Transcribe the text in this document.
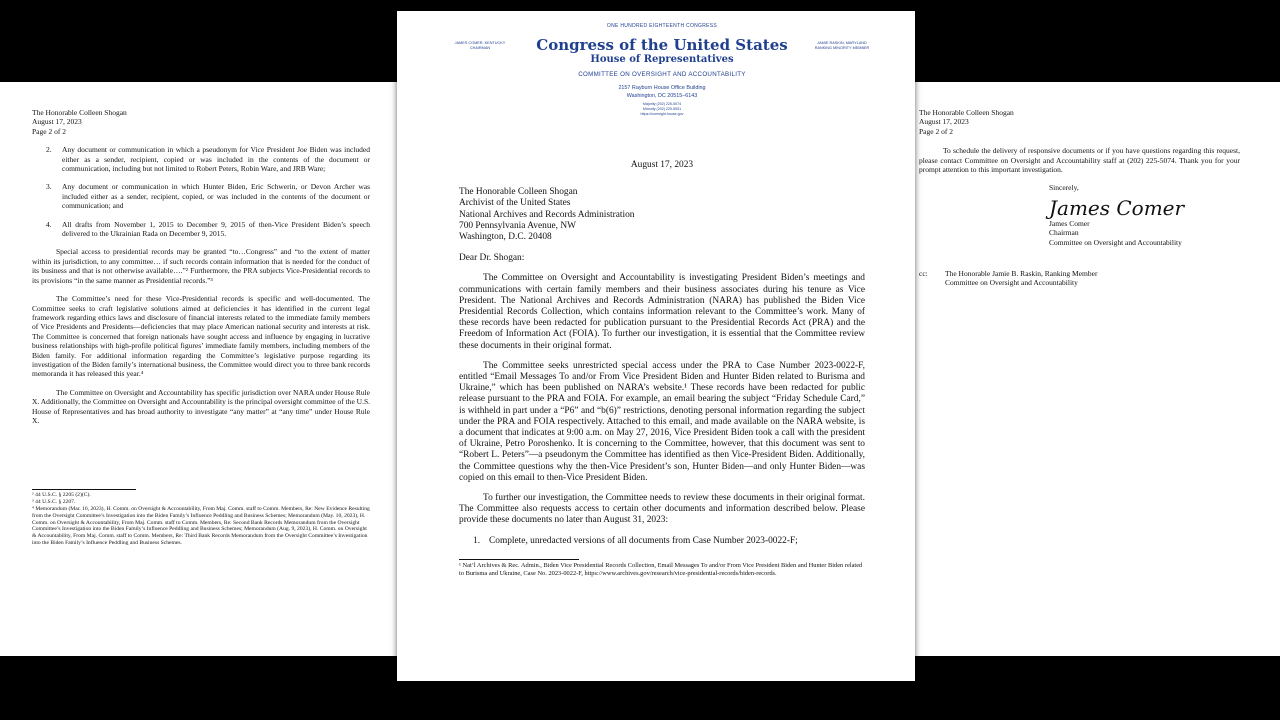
The Honorable Colleen Shogan

August 17, 2023

Page 2 of 2

2.	Any document or communication in which a pseudonym for Vice President Joe Biden was included either as a sender, recipient, copied or was included in the contents of the document or communication, including but not limited to Robert Peters, Robin Ware, and JRB Ware;
3.	Any document or communication in which Hunter Biden, Eric Schwerin, or Devon Archer was included either as a sender, recipient, copied, or was included in the contents of the document or communication; and
4.	All drafts from November 1, 2015 to December 9, 2015 of then-Vice President Biden’s speech delivered to the Ukrainian Rada on December 9, 2015.

Special access to presidential records may be granted “to…Congress” and “to the extent of matter within its jurisdiction, to any committee… if such records contain information that is needed for the conduct of its business and that is not otherwise available….”² Furthermore, the PRA subjects Vice-Presidential records to its provisions “in the same manner as Presidential records.”³

The Committee’s need for these Vice-Presidential records is specific and well-documented. The Committee seeks to craft legislative solutions aimed at deficiencies it has identified in the current legal framework regarding ethics laws and disclosure of financial interests related to the immediate family members of Vice Presidents and Presidents—deficiencies that may place American national security and interests at risk. The Committee is concerned that foreign nationals have sought access and influence by engaging in lucrative business relationships with high-profile political figures’ immediate family members, including members of the Biden family. For additional information regarding the Committee’s legislative purpose regarding its investigation of the Biden family’s international business, the Committee would direct you to three bank records memoranda it has released this year.⁴

The Committee on Oversight and Accountability has specific jurisdiction over NARA under House Rule X. Additionally, the Committee on Oversight and Accountability is the principal oversight committee of the U.S. House of Representatives and has broad authority to investigate “any matter” at “any time” under House Rule X.

² 44 U.S.C. § 2205 (2)(C).

³ 44 U.S.C. § 2207.

⁴ Memorandum (Mar. 16, 2023), H. Comm. on Oversight & Accountability, From Maj. Comm. staff to Comm. Members, Re: New Evidence Resulting from the Oversight Committee’s Investigation into the Biden Family’s Influence Peddling and Business Schemes; Memorandum (May. 10, 2023), H. Comm. on Oversight & Accountability, From Maj. Comm. staff to Comm. Members, Re: Second Bank Records Memorandum from the Oversight Committee’s Investigation into the Biden Family’s Influence Peddling and Business Schemes; Memorandum (Aug. 9, 2023), H. Comm. on Oversight & Accountability, From Maj. Comm. staff to Comm. Members, Re: Third Bank Records Memorandum from the Oversight Committee’s Investigation into the Biden Family’s Influence Peddling and Business Schemes.

JAMES COMER, KENTUCKY
CHAIRMAN
JAMIE RASKIN, MARYLAND
RANKING MINORITY MEMBER
ONE HUNDRED EIGHTEENTH CONGRESS
Congress of the United States
House of Representatives
COMMITTEE ON OVERSIGHT AND ACCOUNTABILITY
2157 Rayburn House Office Building
Washington, DC 20515–6143
Majority (202) 225-5074
Minority (202) 225-5051
https://oversight.house.gov

August 17, 2023

The Honorable Colleen Shogan

Archivist of the United States

National Archives and Records Administration

700 Pennsylvania Avenue, NW

Washington, D.C. 20408

Dear Dr. Shogan:

The Committee on Oversight and Accountability is investigating President Biden’s meetings and communications with certain family members and their business associates during his tenure as Vice President. The National Archives and Records Administration (NARA) has published the Biden Vice Presidential Records Collection, which contains information relevant to the Committee’s work. Many of these records have been redacted for publication pursuant to the Presidential Records Act (PRA) and the Freedom of Information Act (FOIA). To further our investigation, it is essential that the Committee review these documents in their original format.

The Committee seeks unrestricted special access under the PRA to Case Number 2023-0022-F, entitled “Email Messages To and/or From Vice President Biden and Hunter Biden related to Burisma and Ukraine,” which has been published on NARA’s website.¹ These records have been redacted for public release pursuant to the PRA and FOIA. For example, an email bearing the subject “Friday Schedule Card,” is withheld in part under a “P6” and “b(6)” restrictions, denoting personal information regarding the subject under the PRA and FOIA respectively. Attached to this email, and made available on the NARA website, is a document that indicates at 9:00 a.m. on May 27, 2016, Vice President Biden took a call with the president of Ukraine, Petro Poroshenko. It is concerning to the Committee, however, that this document was sent to “Robert L. Peters”—a pseudonym the Committee has identified as then Vice-President Biden. Additionally, the Committee questions why the then-Vice President’s son, Hunter Biden—and only Hunter Biden—was copied on this email to then-Vice President Biden.

To further our investigation, the Committee needs to review these documents in their original format. The Committee also requests access to certain other documents and information described below. Please provide these documents no later than August 31, 2023:

1. Complete, unredacted versions of all documents from Case Number 2023-0022-F;

¹ Nat’l Archives & Rec. Admin., Biden Vice Presidential Records Collection, Email Messages To and/or From Vice President Biden and Hunter Biden related to Burisma and Ukraine, Case No. 2023-0022-F, https://www.archives.gov/research/vice-presidential-records/biden-records.

The Honorable Colleen Shogan

August 17, 2023

Page 2 of 2

To schedule the delivery of responsive documents or if you have questions regarding this request, please contact Committee on Oversight and Accountability staff at (202) 225-5074. Thank you for your prompt attention to this important investigation.

Sincerely,

James Comer

James Comer

Chairman

Committee on Oversight and Accountability

cc:	The Honorable Jamie B. Raskin, Ranking Member

Committee on Oversight and Accountability
